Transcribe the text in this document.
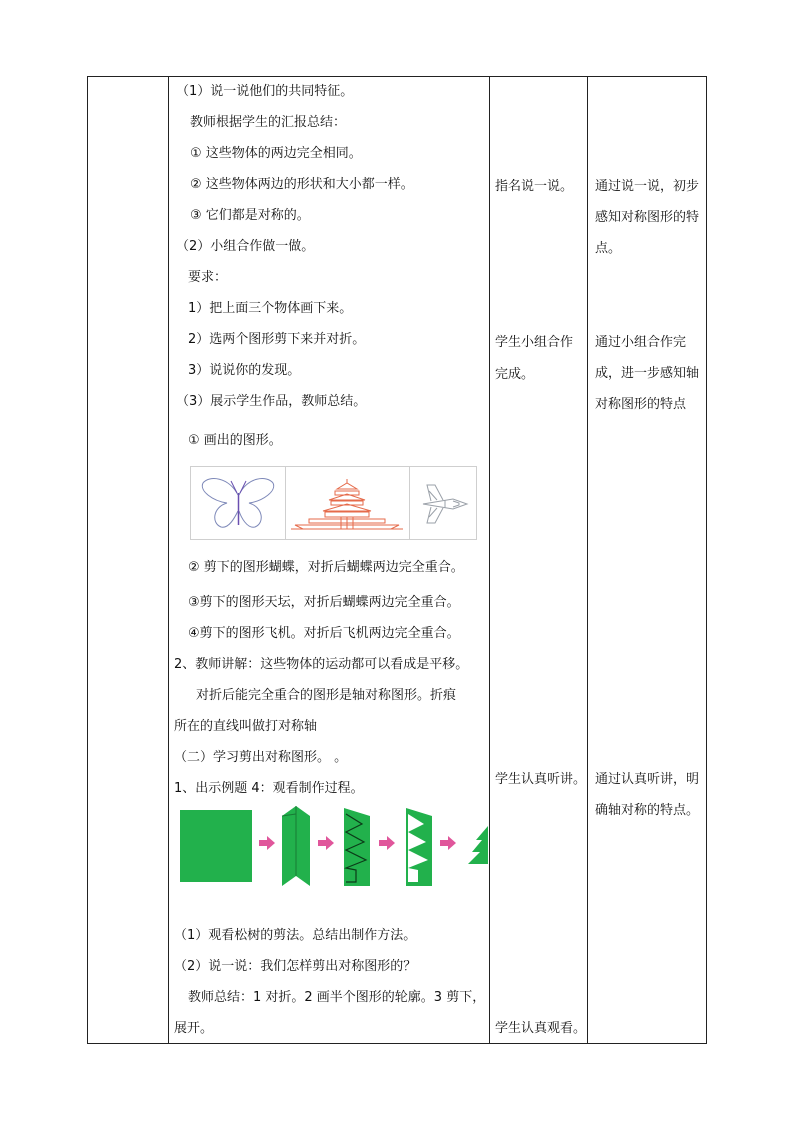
（1）说一说他们的共同特征。
教师根据学生的汇报总结：
① 这些物体的两边完全相同。
② 这些物体两边的形状和大小都一样。
③ 它们都是对称的。
（2）小组合作做一做。
要求：
1）把上面三个物体画下来。
2）选两个图形剪下来并对折。
3）说说你的发现。
（3）展示学生作品，教师总结。
① 画出的图形。
② 剪下的图形蝴蝶，对折后蝴蝶两边完全重合。
③剪下的图形天坛，对折后蝴蝶两边完全重合。
④剪下的图形飞机。对折后飞机两边完全重合。
2、教师讲解：这些物体的运动都可以看成是平移。
对折后能完全重合的图形是轴对称图形。折痕
所在的直线叫做打对称轴
（二）学习剪出对称图形。 。
1、出示例题 4：观看制作过程。
（1）观看松树的剪法。总结出制作方法。
（2）说一说：我们怎样剪出对称图形的？
教师总结：1 对折。2 画半个图形的轮廓。3 剪下，
展开。
指名说一说。
学生小组合作
完成。
学生认真听讲。
学生认真观看。
通过说一说，初步感知对称图形的特点。
通过小组合作完成，进一步感知轴对称图形的特点
通过认真听讲，明确轴对称的特点。
